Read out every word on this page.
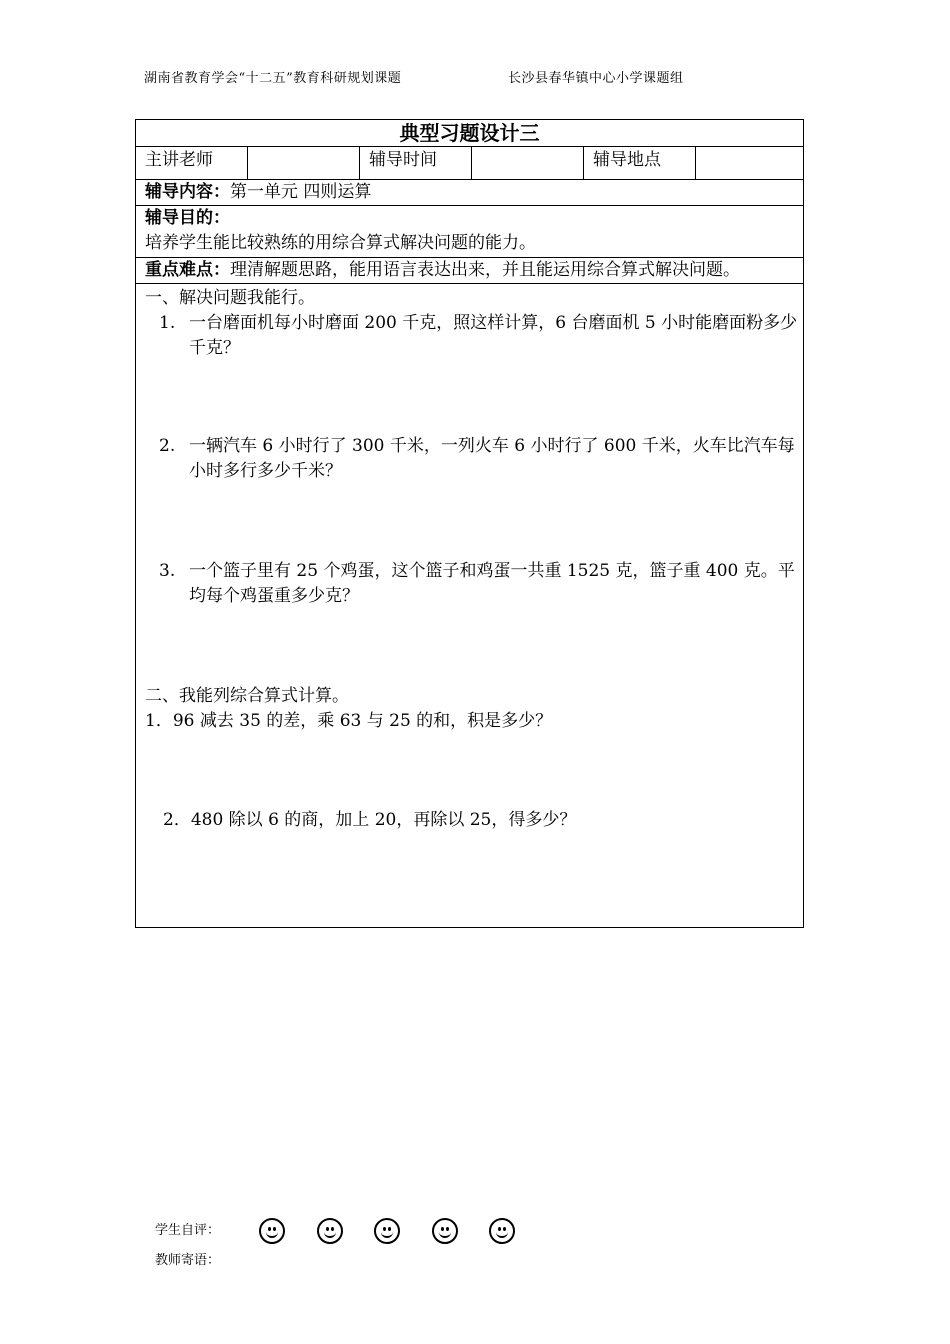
湖南省教育学会“十二五”教育科研规划课题	长沙县春华镇中心小学课题组
典型习题设计三
主讲老师	辅导时间	辅导地点
辅导内容：第一单元 四则运算
辅导目的：
培养学生能比较熟练的用综合算式解决问题的能力。
重点难点：理清解题思路，能用语言表达出来，并且能运用综合算式解决问题。
一、解决问题我能行。
1. 一台磨面机每小时磨面 200 千克，照这样计算，6 台磨面机 5 小时能磨面粉多少千克？
2. 一辆汽车 6 小时行了 300 千米，一列火车 6 小时行了 600 千米，火车比汽车每小时多行多少千米？
3. 一个篮子里有 25 个鸡蛋，这个篮子和鸡蛋一共重 1525 克，篮子重 400 克。平均每个鸡蛋重多少克？
二、我能列综合算式计算。
1．96 减去 35 的差，乘 63 与 25 的和，积是多少？
2．480 除以 6 的商，加上 20，再除以 25，得多少？
学生自评：
教师寄语：
